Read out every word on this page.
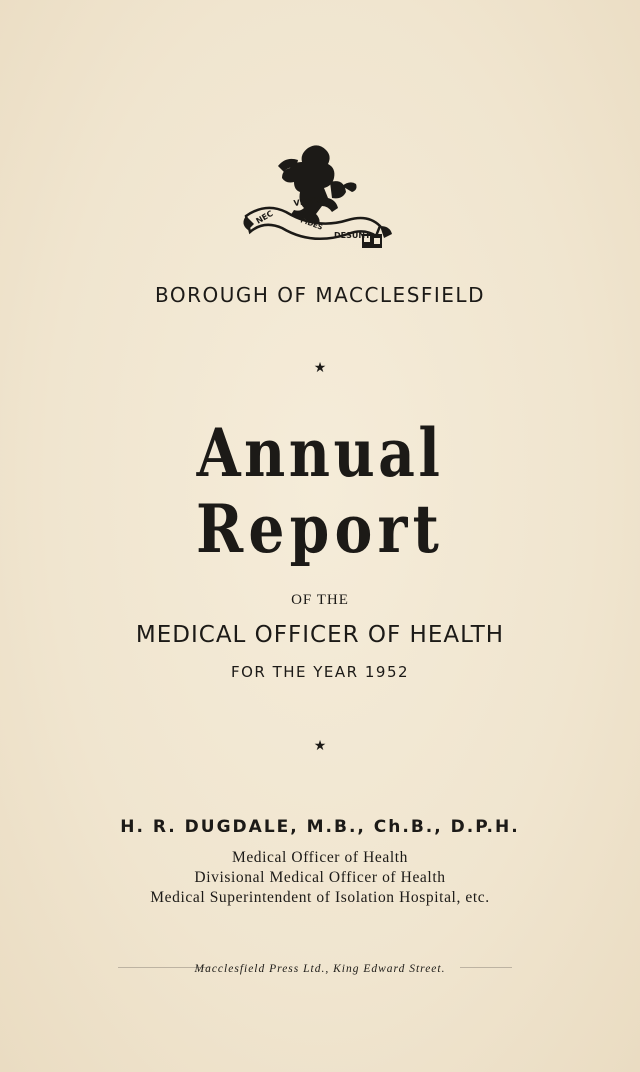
NEC
VIRTUS
FIDES
DESUNT
BOROUGH OF MACCLESFIELD
★
Annual
Report
OF THE
MEDICAL OFFICER OF HEALTH
FOR THE YEAR 1952
★
H. R. DUGDALE, M.B., Ch.B., D.P.H.
Medical Officer of Health
Divisional Medical Officer of Health
Medical Superintendent of Isolation Hospital, etc.
Macclesfield Press Ltd., King Edward Street.
